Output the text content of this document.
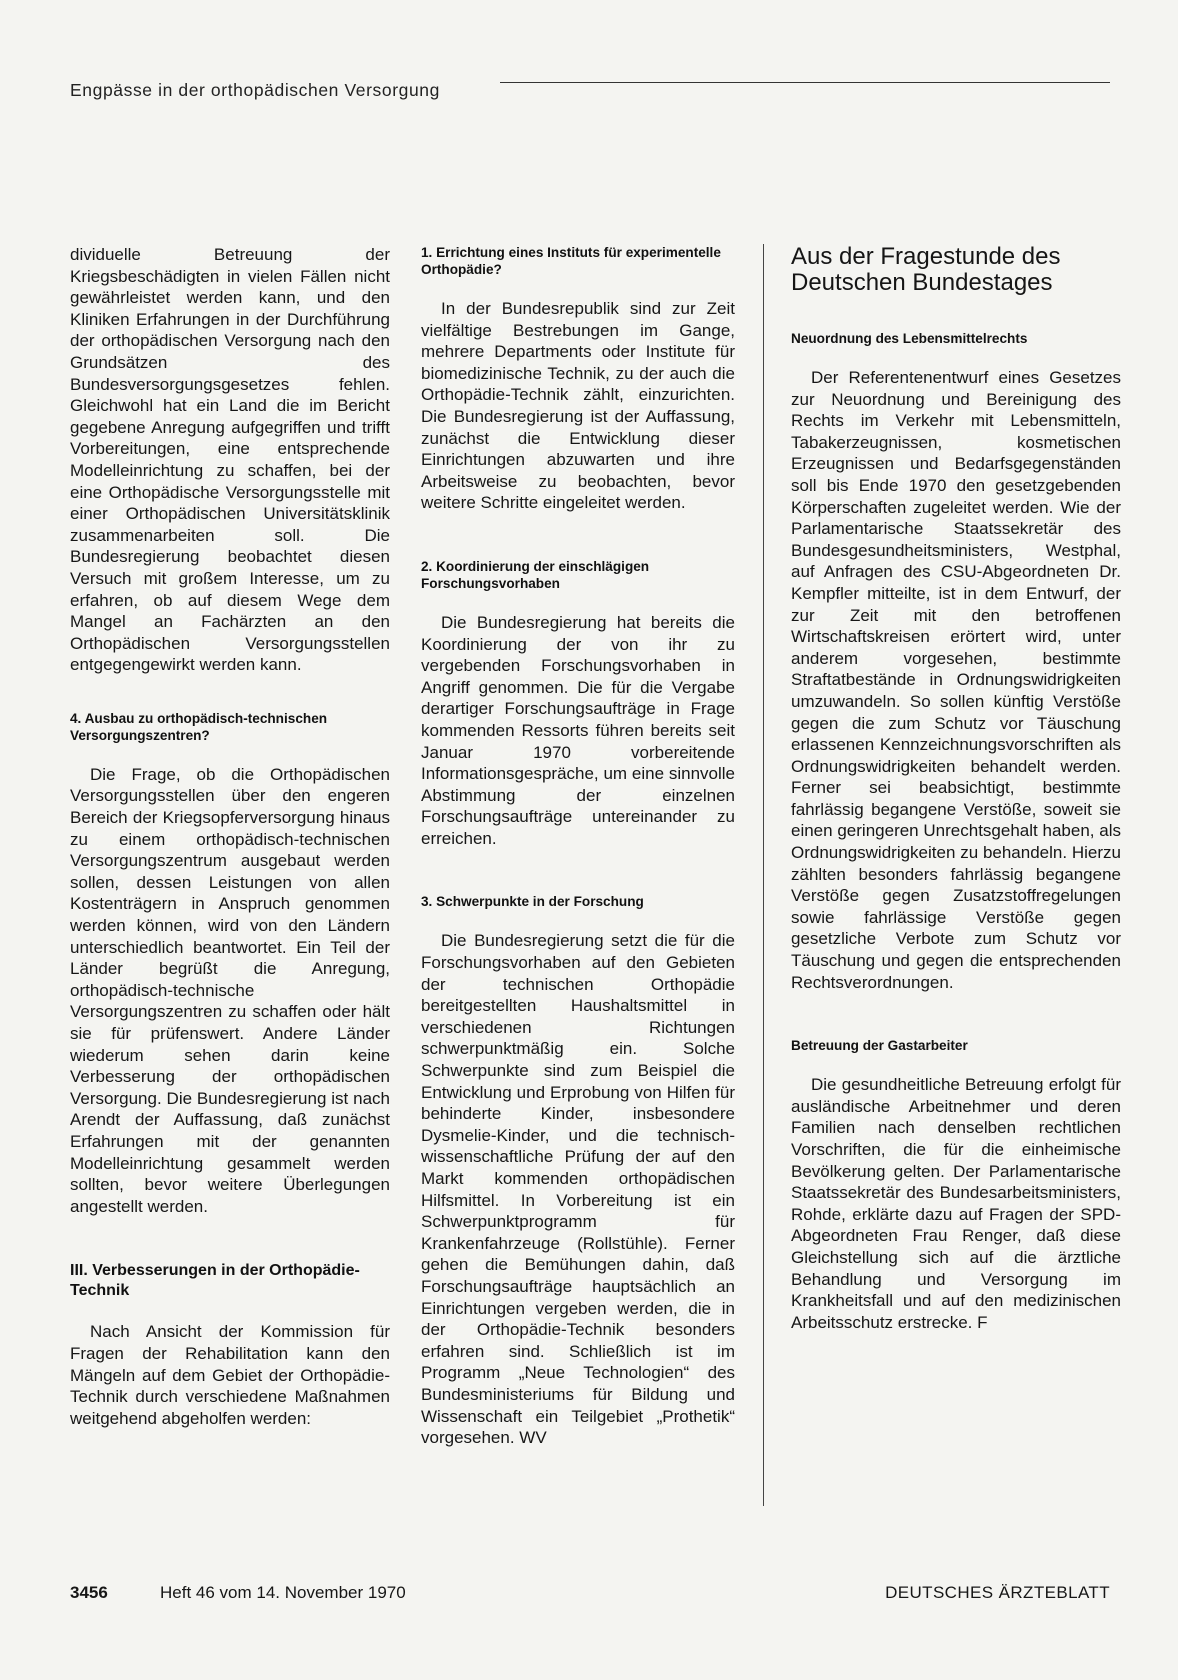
Engpässe in der orthopädischen Versorgung

dividuelle Betreuung der Kriegsbeschädigten in vielen Fällen nicht gewährleistet werden kann, und den Kliniken Erfahrungen in der Durchführung der orthopädischen Versorgung nach den Grundsätzen des Bundesversorgungsgesetzes fehlen. Gleichwohl hat ein Land die im Bericht gegebene Anregung aufgegriffen und trifft Vorbereitungen, eine entsprechende Modelleinrichtung zu schaffen, bei der eine Orthopädische Versorgungsstelle mit einer Orthopädischen Universitätsklinik zusammenarbeiten soll. Die Bundesregierung beobachtet diesen Versuch mit großem Interesse, um zu erfahren, ob auf diesem Wege dem Mangel an Fachärzten an den Orthopädischen Versorgungsstellen entgegengewirkt werden kann.

4. Ausbau zu orthopädisch-technischen Versorgungszentren?

Die Frage, ob die Orthopädischen Versorgungsstellen über den engeren Bereich der Kriegsopferversorgung hinaus zu einem orthopädisch-technischen Versorgungszentrum ausgebaut werden sollen, dessen Leistungen von allen Kostenträgern in Anspruch genommen werden können, wird von den Ländern unterschiedlich beantwortet. Ein Teil der Länder begrüßt die Anregung, orthopädisch-technische Versorgungszentren zu schaffen oder hält sie für prüfenswert. Andere Länder wiederum sehen darin keine Verbesserung der orthopädischen Versorgung. Die Bundesregierung ist nach Arendt der Auffassung, daß zunächst Erfahrungen mit der genannten Modelleinrichtung gesammelt werden sollten, bevor weitere Überlegungen angestellt werden.

III. Verbesserungen in der Orthopädie-Technik

Nach Ansicht der Kommission für Fragen der Rehabilitation kann den Mängeln auf dem Gebiet der Orthopädie-Technik durch verschiedene Maßnahmen weitgehend abgeholfen werden:

1. Errichtung eines Instituts für experimentelle Orthopädie?

In der Bundesrepublik sind zur Zeit vielfältige Bestrebungen im Gange, mehrere Departments oder Institute für biomedizinische Technik, zu der auch die Orthopädie-Technik zählt, einzurichten. Die Bundesregierung ist der Auffassung, zunächst die Entwicklung dieser Einrichtungen abzuwarten und ihre Arbeitsweise zu beobachten, bevor weitere Schritte eingeleitet werden.

2. Koordinierung der einschlägigen Forschungsvorhaben

Die Bundesregierung hat bereits die Koordinierung der von ihr zu vergebenden Forschungsvorhaben in Angriff genommen. Die für die Vergabe derartiger Forschungsaufträge in Frage kommenden Ressorts führen bereits seit Januar 1970 vorbereitende Informationsgespräche, um eine sinnvolle Abstimmung der einzelnen Forschungsaufträge untereinander zu erreichen.

3. Schwerpunkte in der Forschung

Die Bundesregierung setzt die für die Forschungsvorhaben auf den Gebieten der technischen Orthopädie bereitgestellten Haushaltsmittel in verschiedenen Richtungen schwerpunktmäßig ein. Solche Schwerpunkte sind zum Beispiel die Entwicklung und Erprobung von Hilfen für behinderte Kinder, insbesondere Dysmelie-Kinder, und die technisch-wissenschaftliche Prüfung der auf den Markt kommenden orthopädischen Hilfsmittel. In Vorbereitung ist ein Schwerpunktprogramm für Krankenfahrzeuge (Rollstühle). Ferner gehen die Bemühungen dahin, daß Forschungsaufträge hauptsächlich an Einrichtungen vergeben werden, die in der Orthopädie-Technik besonders erfahren sind. Schließlich ist im Programm „Neue Technologien“ des Bundesministeriums für Bildung und Wissenschaft ein Teilgebiet „Prothetik“ vorgesehen. WV

Aus der Fragestunde des Deutschen Bundestages
Neuordnung des Lebensmittelrechts

Der Referentenentwurf eines Gesetzes zur Neuordnung und Bereinigung des Rechts im Verkehr mit Lebensmitteln, Tabakerzeugnissen, kosmetischen Erzeugnissen und Bedarfsgegenständen soll bis Ende 1970 den gesetzgebenden Körperschaften zugeleitet werden. Wie der Parlamentarische Staatssekretär des Bundesgesundheitsministers, Westphal, auf Anfragen des CSU-Abgeordneten Dr. Kempfler mitteilte, ist in dem Entwurf, der zur Zeit mit den betroffenen Wirtschaftskreisen erörtert wird, unter anderem vorgesehen, bestimmte Straftatbestände in Ordnungswidrigkeiten umzuwandeln. So sollen künftig Verstöße gegen die zum Schutz vor Täuschung erlassenen Kennzeichnungsvorschriften als Ordnungswidrigkeiten behandelt werden. Ferner sei beabsichtigt, bestimmte fahrlässig begangene Verstöße, soweit sie einen geringeren Unrechtsgehalt haben, als Ordnungswidrigkeiten zu behandeln. Hierzu zählten besonders fahrlässig begangene Verstöße gegen Zusatzstoffregelungen sowie fahrlässige Verstöße gegen gesetzliche Verbote zum Schutz vor Täuschung und gegen die entsprechenden Rechtsverordnungen.

Betreuung der Gastarbeiter

Die gesundheitliche Betreuung erfolgt für ausländische Arbeitnehmer und deren Familien nach denselben rechtlichen Vorschriften, die für die einheimische Bevölkerung gelten. Der Parlamentarische Staatssekretär des Bundesarbeitsministers, Rohde, erklärte dazu auf Fragen der SPD-Abgeordneten Frau Renger, daß diese Gleichstellung sich auf die ärztliche Behandlung und Versorgung im Krankheitsfall und auf den medizinischen Arbeitsschutz erstrecke. F

3456	Heft 46 vom 14. November 1970	DEUTSCHES ÄRZTEBLATT
